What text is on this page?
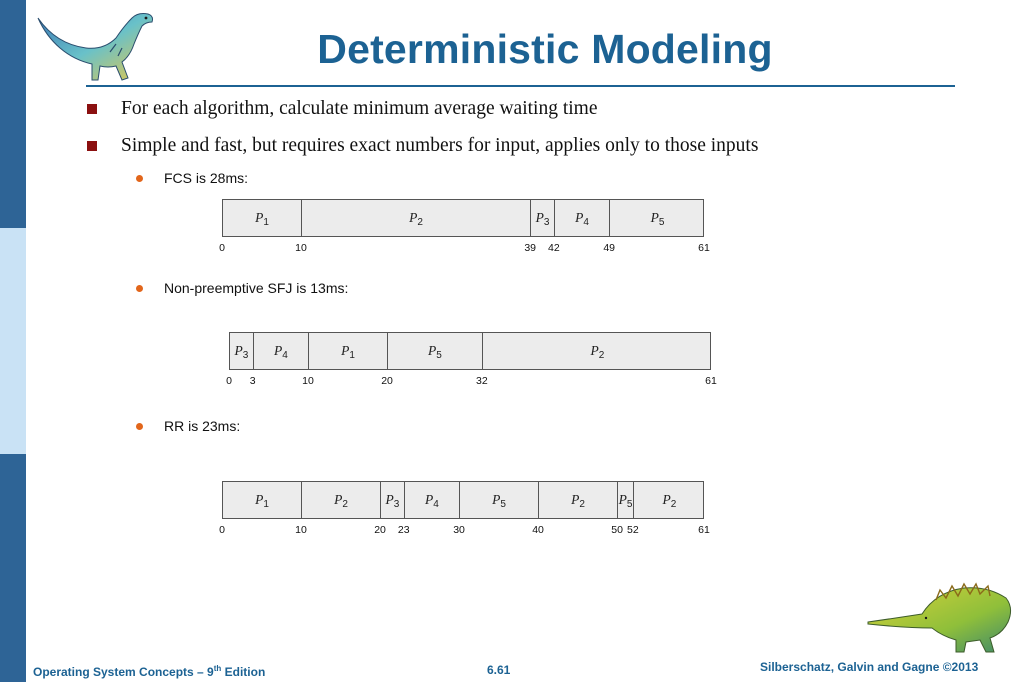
Deterministic Modeling
For each algorithm, calculate minimum average waiting time
Simple and fast, but requires exact numbers for input, applies only to those inputs
FCS is 28ms:
Non-preemptive SFJ is 13ms:
RR is 23ms:
$P_1$	$P_2$	$P_3$	$P_4$	$P_5$
0	10	39 42	49	61
$P_3$	$P_4$	$P_1$	$P_5$	$P_2$
0 3	10	20	32	61
$P_1$	$P_2$	$P_3$	$P_4$	$P_5$	$P_2$	$P_5$	$P_2$
0	10	20 23	30	40	50 52	61
Operating System Concepts – 9th Edition	6.61	Silberschatz, Galvin and Gagne ©2013
